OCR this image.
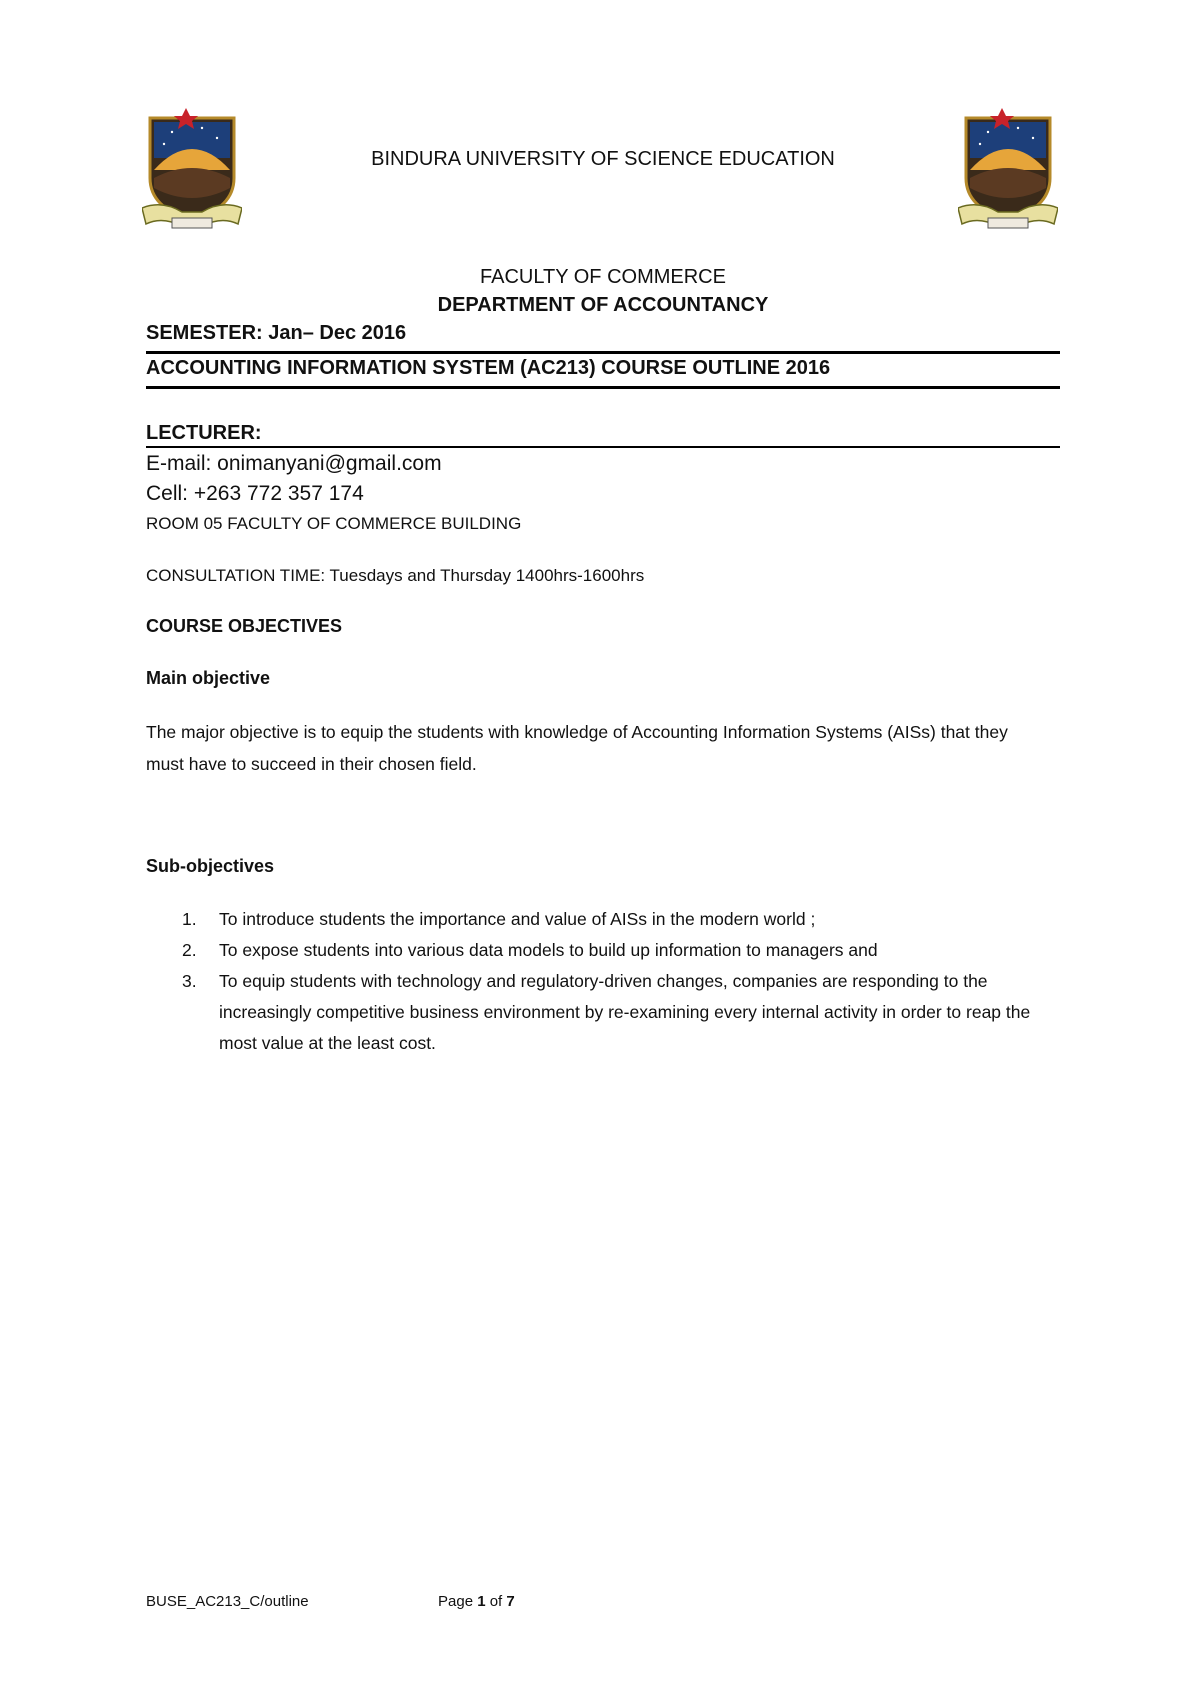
BINDURA UNIVERSITY OF SCIENCE EDUCATION
FACULTY OF COMMERCE
DEPARTMENT OF ACCOUNTANCY
SEMESTER: Jan– Dec 2016
ACCOUNTING INFORMATION SYSTEM (AC213) COURSE OUTLINE 2016
LECTURER:
E-mail: onimanyani@gmail.com
Cell: +263 772 357 174
ROOM 05 FACULTY OF COMMERCE BUILDING
CONSULTATION TIME: Tuesdays and Thursday 1400hrs-1600hrs
COURSE OBJECTIVES
Main objective
The major objective is to equip the students with knowledge of Accounting Information Systems (AISs) that they must have to succeed in their chosen field.
Sub-objectives
1. To introduce students the importance and value of AISs in the modern world ;
2. To expose students into various data models to build up information to managers and
3. To equip students with technology and regulatory-driven changes, companies are responding to the increasingly competitive business environment by re-examining every internal activity in order to reap the most value at the least cost.
BUSE_AC213_C/outline	Page 1 of 7
